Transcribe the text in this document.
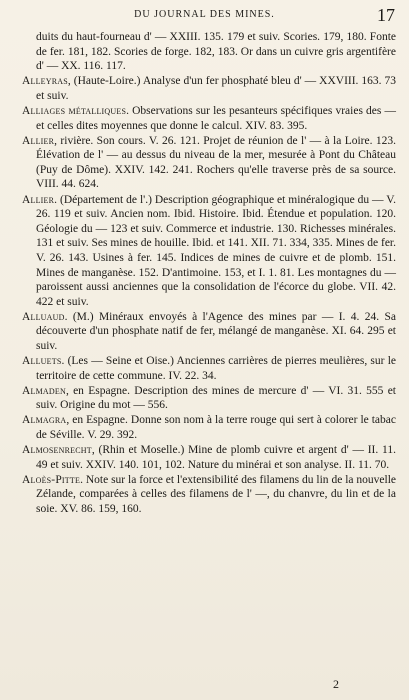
DU JOURNAL DES MINES.	17

duits du haut-fourneau d' — XXIII. 135. 179 et suiv. Scories. 179, 180. Fonte de fer. 181, 182. Scories de forge. 182, 183. Or dans un cuivre gris argentifère d' — XX. 116. 117.

Alleyras, (Haute-Loire.) Analyse d'un fer phosphaté bleu d' — XXVIII. 163. 73 et suiv.

Alliages métalliques. Observations sur les pesanteurs spécifiques vraies des — et celles dites moyennes que donne le calcul. XIV. 83. 395.

Allier, rivière. Son cours. V. 26. 121. Projet de réunion de l' — à la Loire. 123. Élévation de l' — au dessus du niveau de la mer, mesurée à Pont du Château (Puy de Dôme). XXIV. 142. 241. Rochers qu'elle traverse près de sa source. VIII. 44. 624.

Allier. (Département de l'.) Description géographique et minéralogique du — V. 26. 119 et suiv. Ancien nom. Ibid. Histoire. Ibid. Étendue et population. 120. Géologie du — 123 et suiv. Commerce et industrie. 130. Richesses minérales. 131 et suiv. Ses mines de houille. Ibid. et 141. XII. 71. 334, 335. Mines de fer. V. 26. 143. Usines à fer. 145. Indices de mines de cuivre et de plomb. 151. Mines de manganèse. 152. D'antimoine. 153, et I. 1. 81. Les montagnes du — paroissent aussi anciennes que la consolidation de l'écorce du globe. VII. 42. 422 et suiv.

Alluaud. (M.) Minéraux envoyés à l'Agence des mines par — I. 4. 24. Sa découverte d'un phosphate natif de fer, mélangé de manganèse. XI. 64. 295 et suiv.

Alluets. (Les — Seine et Oise.) Anciennes carrières de pierres meulières, sur le territoire de cette commune. IV. 22. 34.

Almaden, en Espagne. Description des mines de mercure d' — VI. 31. 555 et suiv. Origine du mot — 556.

Almagra, en Espagne. Donne son nom à la terre rouge qui sert à colorer le tabac de Séville. V. 29. 392.

Almosenrecht, (Rhin et Moselle.) Mine de plomb cuivre et argent d' — II. 11. 49 et suiv. XXIV. 140. 101, 102. Nature du minérai et son analyse. II. 11. 70.

Aloès-Pitte. Note sur la force et l'extensibilité des filamens du lin de la nouvelle Zélande, comparées à celles des filamens de l' —, du chanvre, du lin et de la soie. XV. 86. 159, 160.

2
